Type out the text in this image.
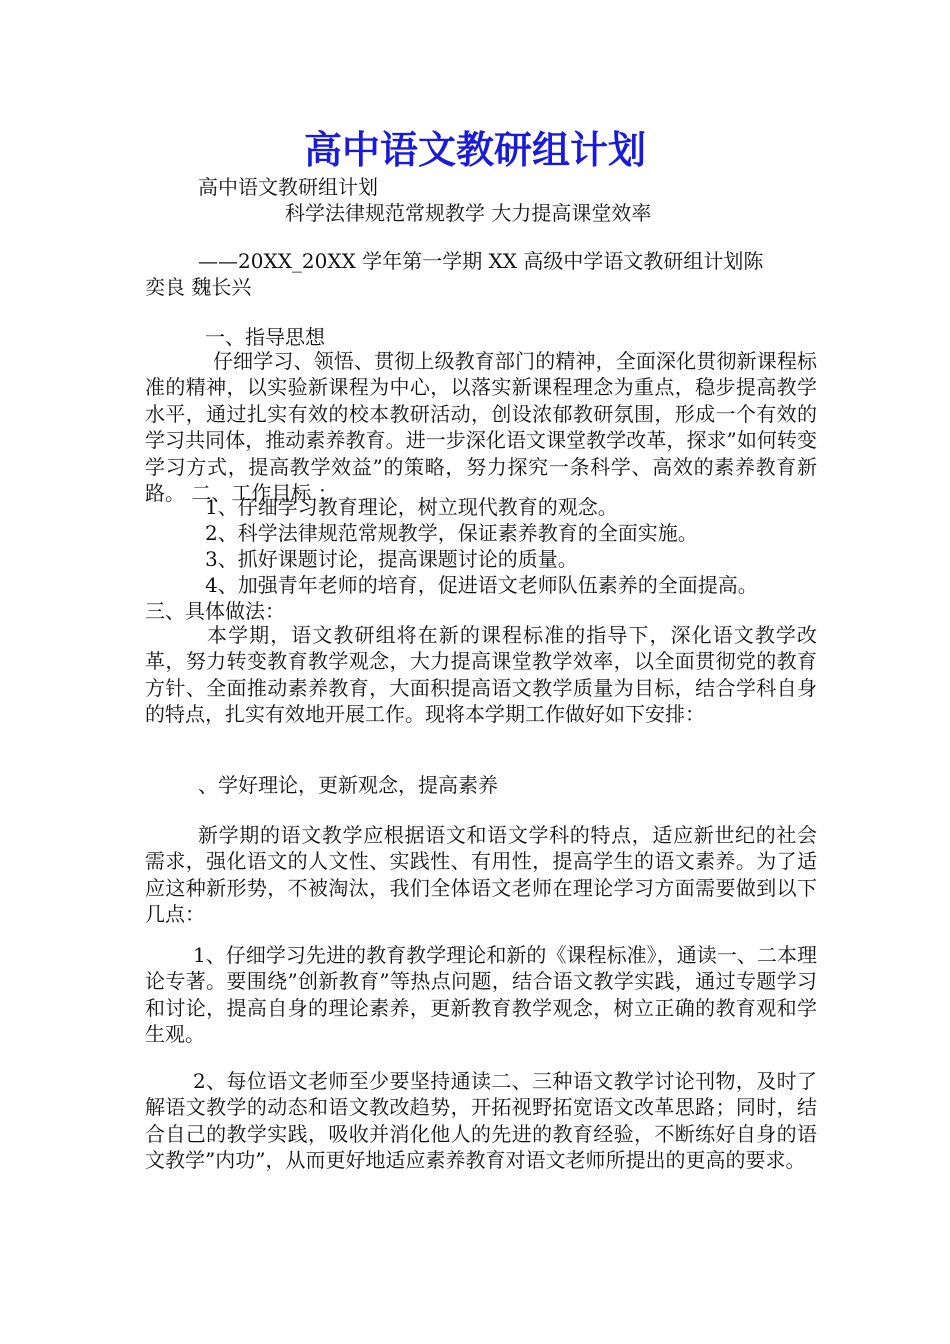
高中语文教研组计划
高中语文教研组计划
科学法律规范常规教学 大力提高课堂效率
——20XX_20XX 学年第一学期 XX 高级中学语文教研组计划陈
奕良 魏长兴
一、指导思想

仔细学习、领悟、贯彻上级教育部门的精神，全面深化贯彻新课程标准的精神，以实验新课程为中心，以落实新课程理念为重点，稳步提高教学水平，通过扎实有效的校本教研活动，创设浓郁教研氛围，形成一个有效的学习共同体，推动素养教育。进一步深化语文课堂教学改革，探求”如何转变学习方式，提高教学效益”的策略，努力探究一条科学、高效的素养教育新路。 二、工作目标 ：

1、仔细学习教育理论，树立现代教育的观念。
2、科学法律规范常规教学，保证素养教育的全面实施。
3、抓好课题讨论，提高课题讨论的质量。
4、加强青年老师的培育，促进语文老师队伍素养的全面提高。
三、具体做法：

本学期，语文教研组将在新的课程标准的指导下，深化语文教学改革，努力转变教育教学观念，大力提高课堂教学效率，以全面贯彻党的教育方针、全面推动素养教育，大面积提高语文教学质量为目标，结合学科自身的特点，扎实有效地开展工作。现将本学期工作做好如下安排：

、学好理论，更新观念，提高素养

新学期的语文教学应根据语文和语文学科的特点，适应新世纪的社会需求，强化语文的人文性、实践性、有用性，提高学生的语文素养。为了适应这种新形势，不被淘汰，我们全体语文老师在理论学习方面需要做到以下几点：

1、仔细学习先进的教育教学理论和新的《课程标准》，通读一、二本理论专著。要围绕”创新教育”等热点问题，结合语文教学实践，通过专题学习和讨论，提高自身的理论素养，更新教育教学观念，树立正确的教育观和学生观。

2、每位语文老师至少要坚持通读二、三种语文教学讨论刊物，及时了解语文教学的动态和语文教改趋势，开拓视野拓宽语文改革思路；同时，结合自己的教学实践，吸收并消化他人的先进的教育经验，不断练好自身的语文教学”内功”，从而更好地适应素养教育对语文老师所提出的更高的要求。
